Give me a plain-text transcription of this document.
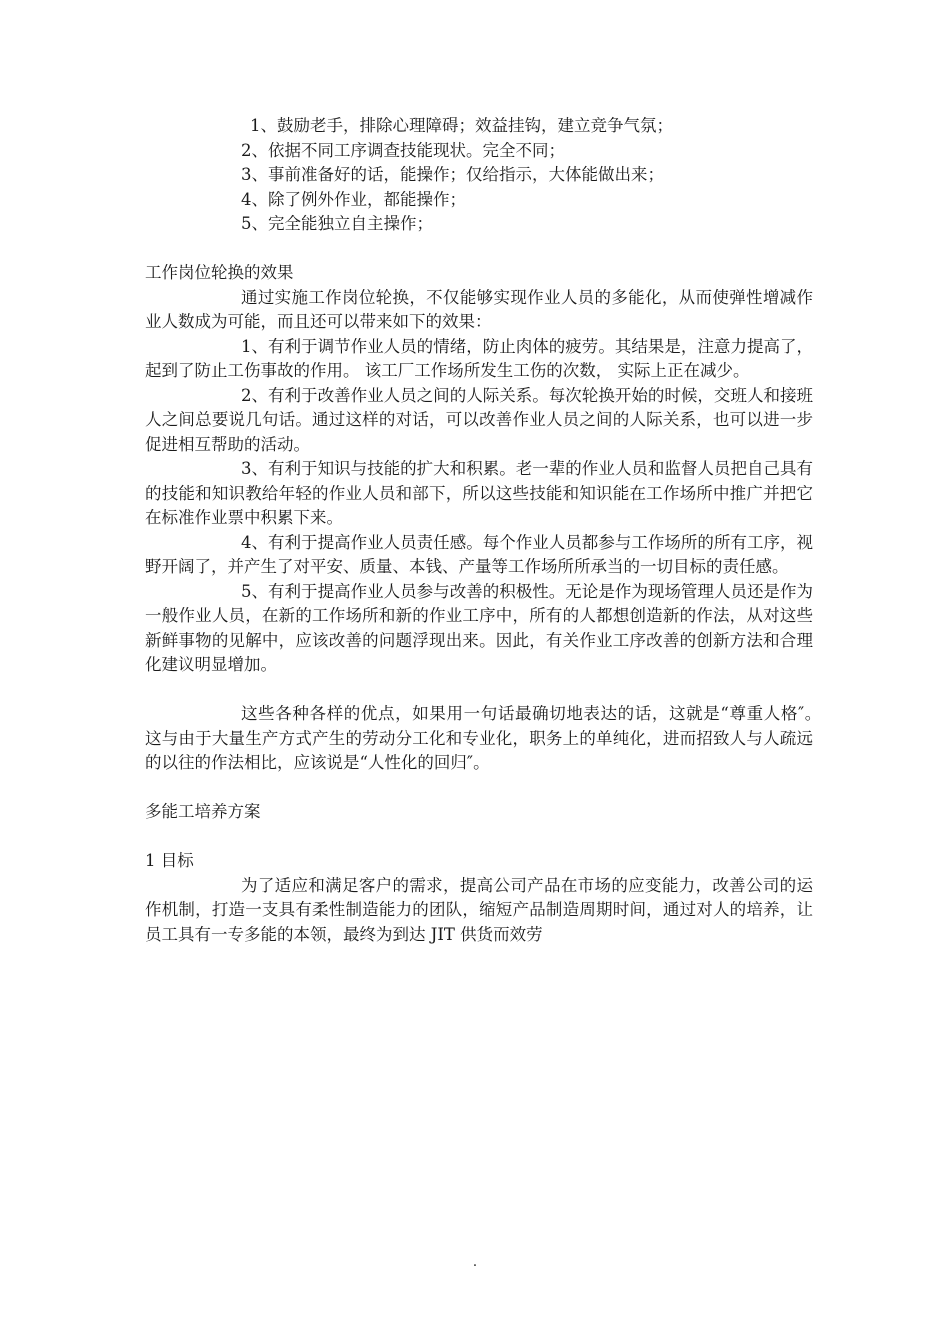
1、鼓励老手，排除心理障碍；效益挂钩，建立竞争气氛；

2、依据不同工序调查技能现状。完全不同；

3、事前准备好的话，能操作；仅给指示，大体能做出来；

4、除了例外作业，都能操作；

5、完全能独立自主操作；

工作岗位轮换的效果

通过实施工作岗位轮换，不仅能够实现作业人员的多能化，从而使弹性增减作业人数成为可能，而且还可以带来如下的效果：

1、有利于调节作业人员的情绪，防止肉体的疲劳。其结果是，注意力提高了，起到了防止工伤事故的作用。 该工厂工作场所发生工伤的次数， 实际上正在减少。

2、有利于改善作业人员之间的人际关系。每次轮换开始的时候，交班人和接班人之间总要说几句话。通过这样的对话，可以改善作业人员之间的人际关系，也可以进一步促进相互帮助的活动。

3、有利于知识与技能的扩大和积累。老一辈的作业人员和监督人员把自己具有的技能和知识教给年轻的作业人员和部下，所以这些技能和知识能在工作场所中推广并把它在标准作业票中积累下来。

4、有利于提高作业人员责任感。每个作业人员都参与工作场所的所有工序，视野开阔了，并产生了对平安、质量、本钱、产量等工作场所所承当的一切目标的责任感。

5、有利于提高作业人员参与改善的积极性。无论是作为现场管理人员还是作为一般作业人员，在新的工作场所和新的作业工序中，所有的人都想创造新的作法，从对这些新鲜事物的见解中，应该改善的问题浮现出来。因此，有关作业工序改善的创新方法和合理化建议明显增加。

这些各种各样的优点，如果用一句话最确切地表达的话，这就是“尊重人格″。　　　这与由于大量生产方式产生的劳动分工化和专业化，职务上的单纯化，进而招致人与人疏远的以往的作法相比，应该说是“人性化的回归″。

多能工培养方案

1 目标

为了适应和满足客户的需求，提高公司产品在市场的应变能力，改善公司的运作机制，打造一支具有柔性制造能力的团队，缩短产品制造周期时间，通过对人的培养，让员工具有一专多能的本领，最终为到达 JIT 供货而效劳

.
